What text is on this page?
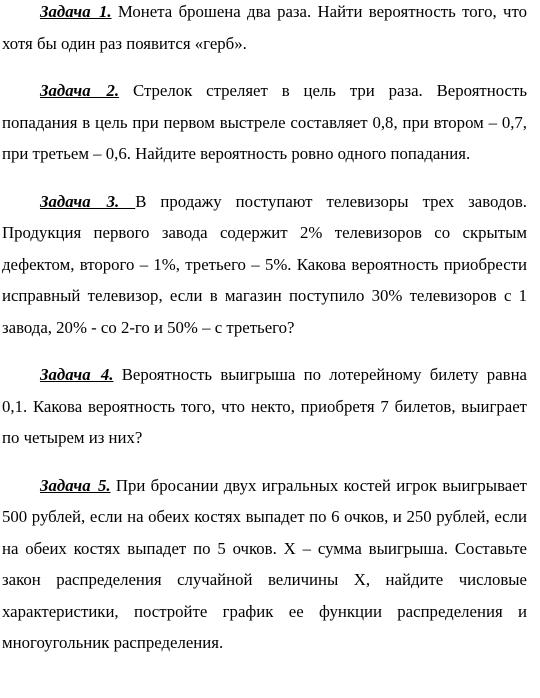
Задача 1. Монета брошена два раза. Найти вероятность того, что хотя бы один раз появится «герб».

Задача 2. Стрелок стреляет в цель три раза. Вероятность попадания в цель при первом выстреле составляет 0,8, при втором – 0,7, при третьем – 0,6. Найдите вероятность ровно одного попадания.

Задача 3. В продажу поступают телевизоры трех заводов. Продукция первого завода содержит 2% телевизоров со скрытым дефектом, второго – 1%, третьего – 5%. Какова вероятность приобрести исправный телевизор, если в магазин поступило 30% телевизоров с 1 завода, 20% - со 2-го и 50% – с третьего?

Задача 4. Вероятность выигрыша по лотерейному билету равна 0,1. Какова вероятность того, что некто, приобретя 7 билетов, выиграет по четырем из них?

Задача 5. При бросании двух игральных костей игрок выигрывает 500 рублей, если на обеих костях выпадет по 6 очков, и 250 рублей, если на обеих костях выпадет по 5 очков. Х – сумма выигрыша. Составьте закон распределения случайной величины Х, найдите числовые характеристики, постройте график ее функции распределения и многоугольник распределения.
